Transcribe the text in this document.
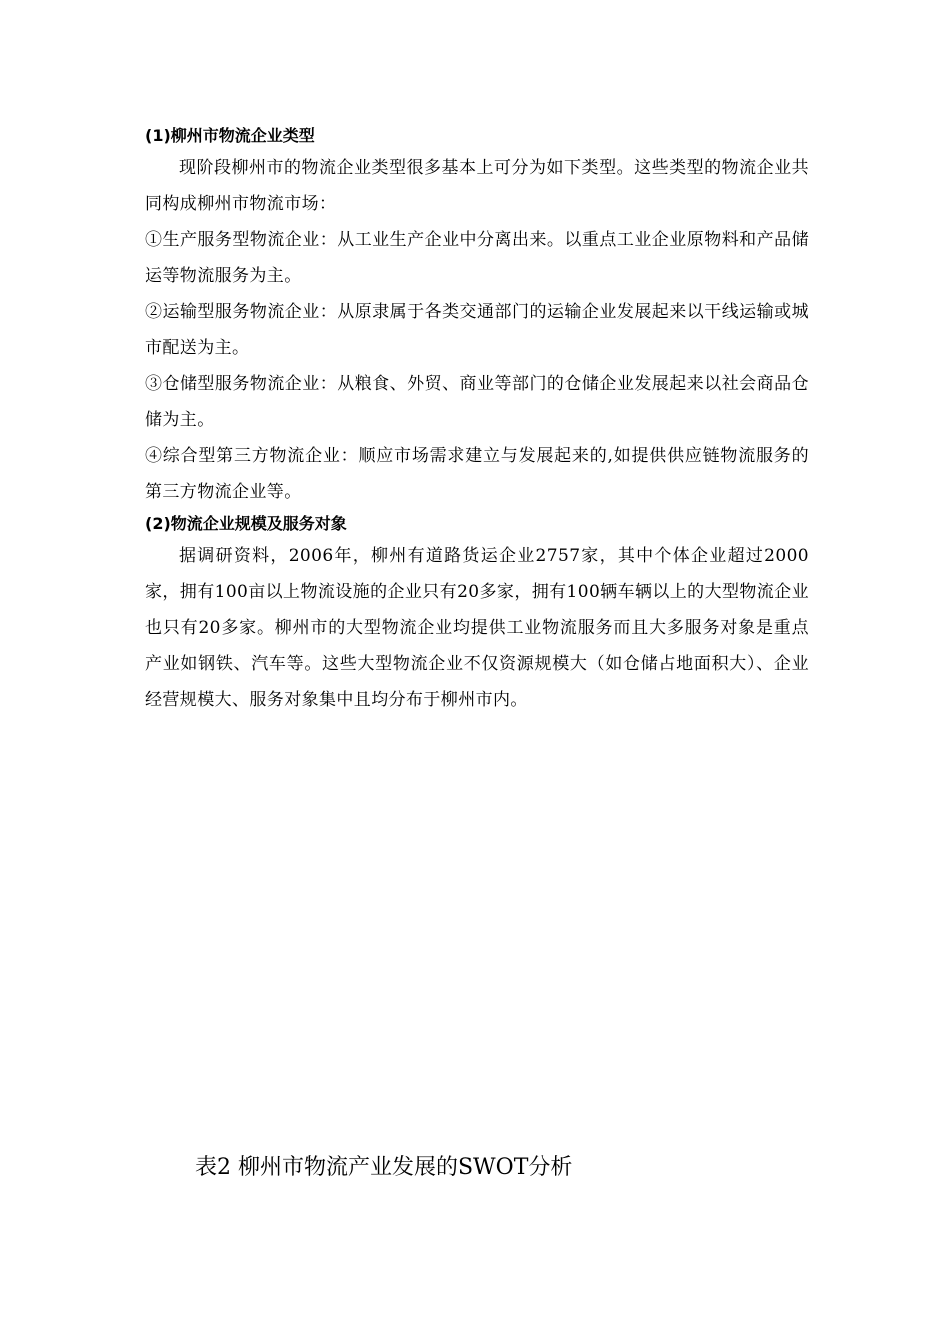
(1)柳州市物流企业类型

现阶段柳州市的物流企业类型很多基本上可分为如下类型。这些类型的物流企业共同构成柳州市物流市场：

①生产服务型物流企业：从工业生产企业中分离出来。以重点工业企业原物料和产品储运等物流服务为主。

②运输型服务物流企业：从原隶属于各类交通部门的运输企业发展起来以干线运输或城市配送为主。

③仓储型服务物流企业：从粮食、外贸、商业等部门的仓储企业发展起来以社会商品仓储为主。

④综合型第三方物流企业：顺应市场需求建立与发展起来的,如提供供应链物流服务的第三方物流企业等。

(2)物流企业规模及服务对象

据调研资料，2006年，柳州有道路货运企业2757家，其中个体企业超过2000家，拥有100亩以上物流设施的企业只有20多家，拥有100辆车辆以上的大型物流企业也只有20多家。柳州市的大型物流企业均提供工业物流服务而且大多服务对象是重点产业如钢铁、汽车等。这些大型物流企业不仅资源规模大（如仓储占地面积大）、企业经营规模大、服务对象集中且均分布于柳州市内。

表2 柳州市物流产业发展的SWOT分析
